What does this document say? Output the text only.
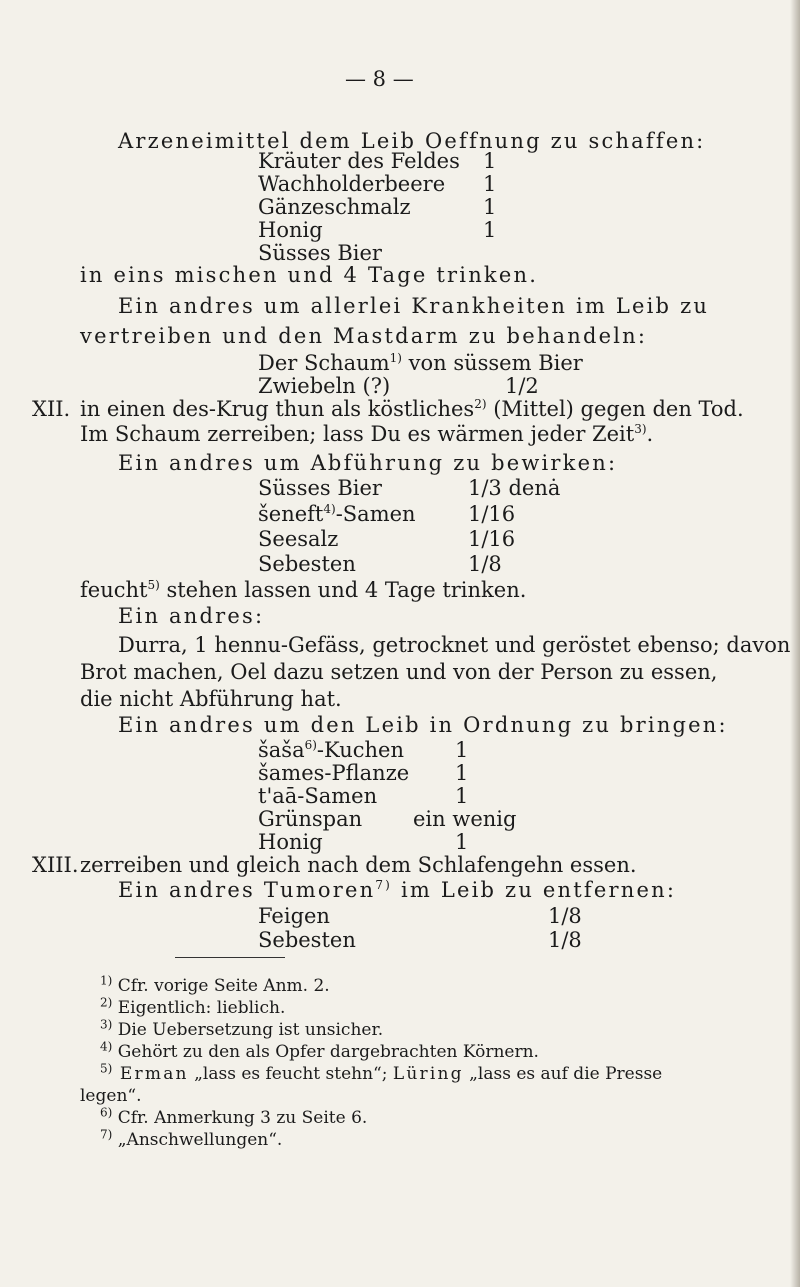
— 8 —
Arzeneimittel dem Leib Oeffnung zu schaffen:
Kräuter des Feldes 1
Wachholderbeere 1
Gänzeschmalz	1
Honig	1
Süsses Bier
in eins mischen und 4 Tage trinken.
Ein andres um allerlei Krankheiten im Leib zu
vertreiben und den Mastdarm zu behandeln:
Der Schaum$^{1)}$ von süssem Bier
Zwiebeln (?)	1/2
XII. in einen des-Krug thun als köstliches$^{2)}$ (Mittel) gegen den Tod.
Im Schaum zerreiben; lass Du es wärmen jeder Zeit$^{3)}$.
Ein andres um Abführung zu bewirken:
Süsses Bier	1/3 denȧ
šeneft$^{4)}$-Samen 1/16
Seesalz	1/16
Sebesten	1/8
feucht$^{5)}$ stehen lassen und 4 Tage trinken.
Ein andres:
Durra, 1 hennu-Gefäss, getrocknet und geröstet ebenso; davon
Brot machen, Oel dazu setzen und von der Person zu essen,
die nicht Abführung hat.
Ein andres um den Leib in Ordnung zu bringen:
šaša$^{6)}$-Kuchen 1
šames-Pflanze 1
t'aā-Samen	1
Grünspan ein wenig
Honig	1
XIII. zerreiben und gleich nach dem Schlafengehn essen.
Ein andres Tumoren$^{7)}$ im Leib zu entfernen:
Feigen	1/8
Sebesten	1/8
$^{1)}$ Cfr. vorige Seite Anm. 2.
$^{2)}$ Eigentlich: lieblich.
$^{3)}$ Die Uebersetzung ist unsicher.
$^{4)}$ Gehört zu den als Opfer dargebrachten Körnern.
$^{5)}$ Erman „lass es feucht stehn“; Lüring „lass es auf die Presse
legen“.
$^{6)}$ Cfr. Anmerkung 3 zu Seite 6.
$^{7)}$ „Anschwellungen“.
